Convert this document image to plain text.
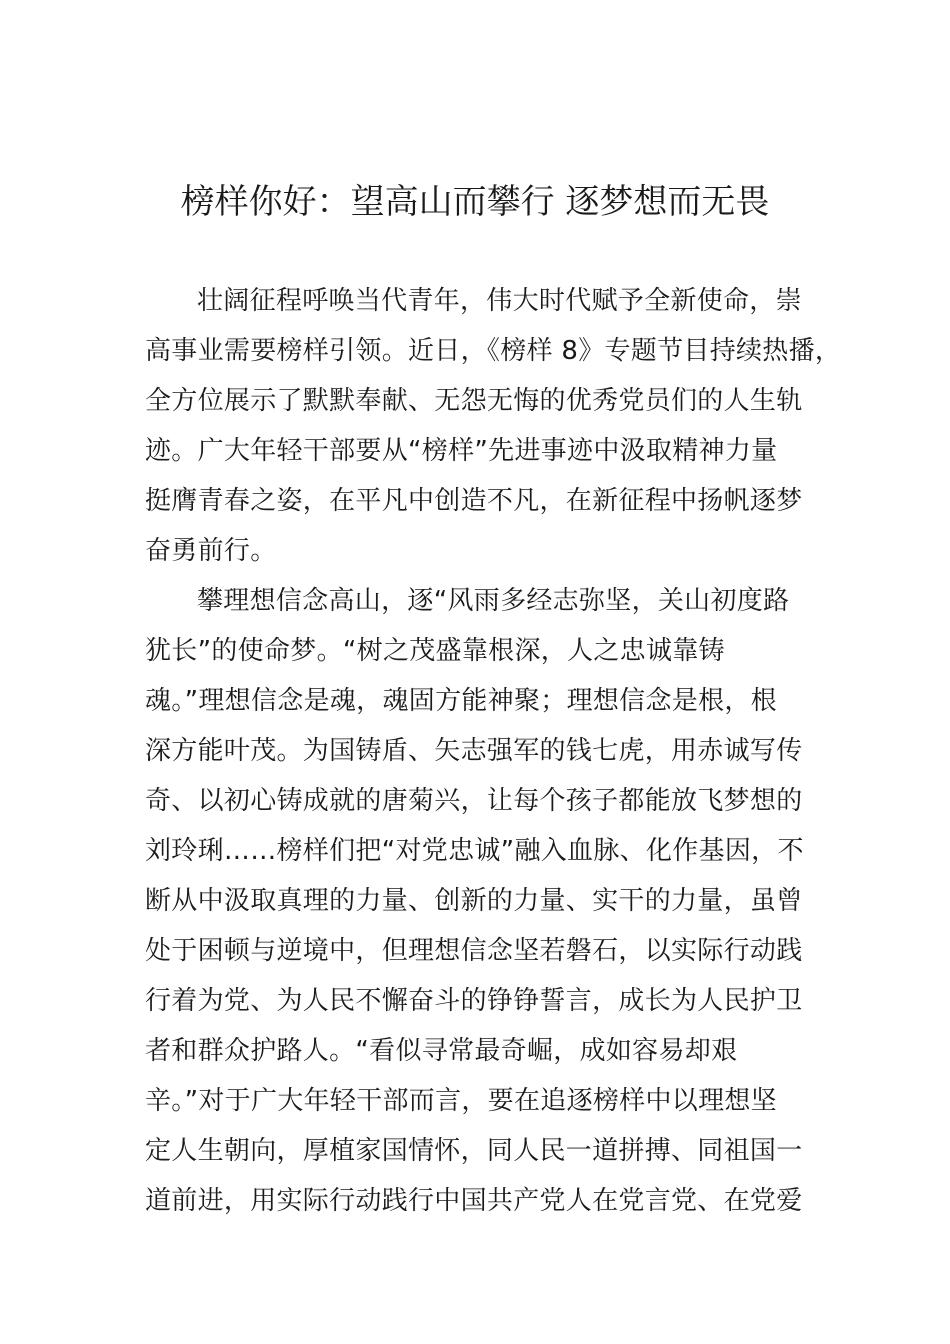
榜样你好：望高山而攀行 逐梦想而无畏

壮阔征程呼唤当代青年，伟大时代赋予全新使命，崇
高事业需要榜样引领。近日，《榜样 8》专题节目持续热播，
全方位展示了默默奉献、无怨无悔的优秀党员们的人生轨
迹。广大年轻干部要从“榜样”先进事迹中汲取精神力量
挺膺青春之姿，在平凡中创造不凡，在新征程中扬帆逐梦
奋勇前行。

攀理想信念高山，逐“风雨多经志弥坚，关山初度路
犹长”的使命梦。“树之茂盛靠根深，人之忠诚靠铸
魂。”理想信念是魂，魂固方能神聚；理想信念是根，根
深方能叶茂。为国铸盾、矢志强军的钱七虎，用赤诚写传
奇、以初心铸成就的唐菊兴，让每个孩子都能放飞梦想的
刘玲琍……榜样们把“对党忠诚”融入血脉、化作基因，不
断从中汲取真理的力量、创新的力量、实干的力量，虽曾
处于困顿与逆境中，但理想信念坚若磐石，以实际行动践
行着为党、为人民不懈奋斗的铮铮誓言，成长为人民护卫
者和群众护路人。“看似寻常最奇崛，成如容易却艰
辛。”对于广大年轻干部而言，要在追逐榜样中以理想坚
定人生朝向，厚植家国情怀，同人民一道拼搏、同祖国一
道前进，用实际行动践行中国共产党人在党言党、在党爱
